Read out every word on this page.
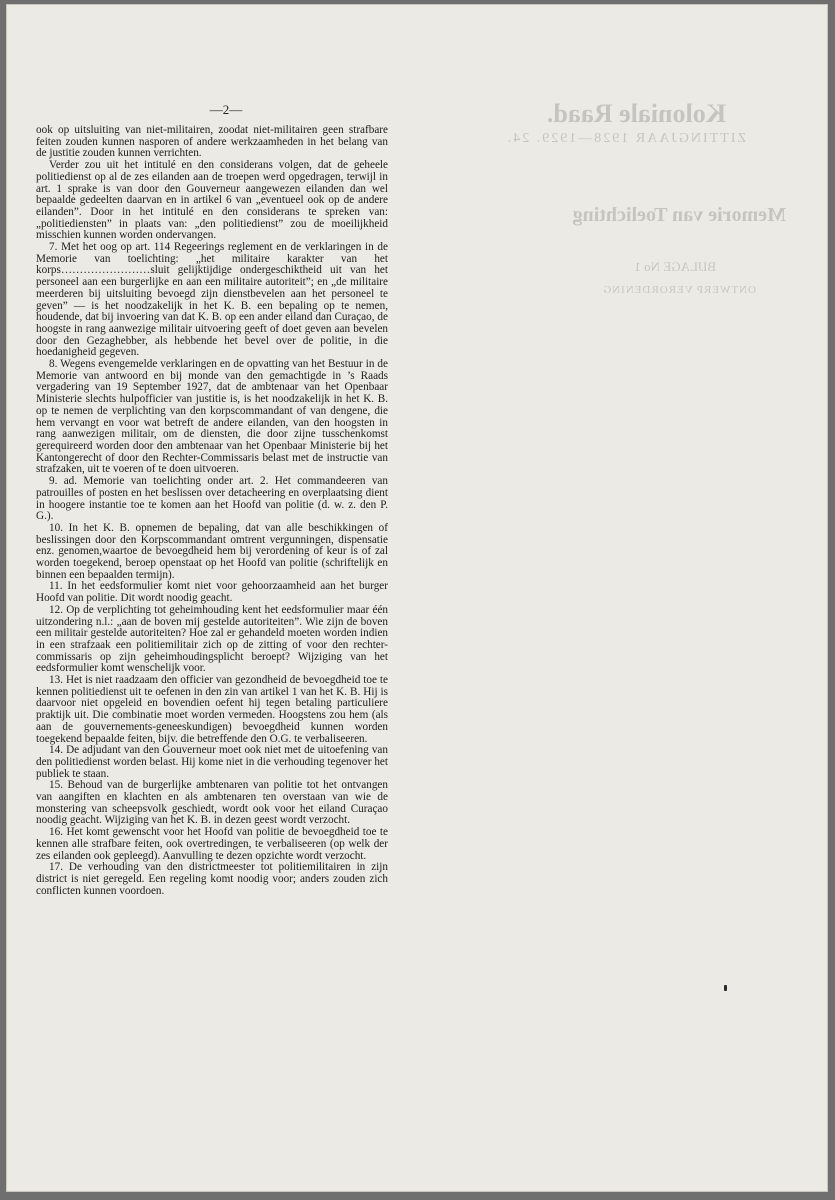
Koloniale Raad.
ZITTINGJAAR 1928—1929. 24.
Memorie van Toelichting
BIJLAGE No 1
ONTWERP VERORDENING
—2—

ook op uitsluiting van niet-militairen, zoodat niet-militairen geen strafbare feiten zouden kunnen nasporen of andere werkzaamheden in het belang van de justitie zouden kunnen verrichten.

Verder zou uit het intitulé en den considerans volgen, dat de geheele politiedienst op al de zes eilanden aan de troepen werd opgedragen, terwijl in art. 1 sprake is van door den Gouverneur aangewezen eilanden dan wel bepaalde gedeelten daarvan en in artikel 6 van „eventueel ook op de andere eilanden”. Door in het intitulé en den considerans te spreken van: „politiediensten” in plaats van: „den politiedienst” zou de moeilijkheid misschien kunnen worden ondervangen.

7. Met het oog op art. 114 Regeerings reglement en de verklaringen in de Memorie van toelichting: „het militaire karakter van het korps……………………sluit gelijktijdige ondergeschiktheid uit van het personeel aan een burgerlijke en aan een militaire autoriteit”; en „de militaire meerderen bij uitsluiting bevoegd zijn dienstbevelen aan het personeel te geven” — is het noodzakelijk in het K. B. een bepaling op te nemen, houdende, dat bij invoering van dat K. B. op een ander eiland dan Curaçao, de hoogste in rang aanwezige militair uitvoering geeft of doet geven aan bevelen door den Gezaghebber, als hebbende het bevel over de politie, in die hoedanigheid gegeven.

8. Wegens evengemelde verklaringen en de opvatting van het Bestuur in de Memorie van antwoord en bij monde van den gemachtigde in ’s Raads vergadering van 19 September 1927, dat de ambtenaar van het Openbaar Ministerie slechts hulpofficier van justitie is, is het noodzakelijk in het K. B. op te nemen de verplichting van den korpscommandant of van dengene, die hem vervangt en voor wat betreft de andere eilanden, van den hoogsten in rang aanwezigen militair, om de diensten, die door zijne tusschenkomst gerequireerd worden door den ambtenaar van het Openbaar Ministerie bij het Kantongerecht of door den Rechter-Commissaris belast met de instructie van strafzaken, uit te voeren of te doen uitvoeren.

9. ad. Memorie van toelichting onder art. 2. Het commandeeren van patrouilles of posten en het beslissen over detacheering en overplaatsing dient in hoogere instantie toe te komen aan het Hoofd van politie (d. w. z. den P. G.).

10. In het K. B. opnemen de bepaling, dat van alle beschikkingen of beslissingen door den Korpscommandant omtrent vergunningen, dispensatie enz. genomen,waartoe de bevoegdheid hem bij verordening of keur is of zal worden toegekend, beroep openstaat op het Hoofd van politie (schriftelijk en binnen een bepaalden termijn).

11. In het eedsformulier komt niet voor gehoorzaamheid aan het burger Hoofd van politie. Dit wordt noodig geacht.

12. Op de verplichting tot geheimhouding kent het eedsformulier maar één uitzondering n.l.: „aan de boven mij gestelde autoriteiten”. Wie zijn de boven een militair gestelde autoriteiten? Hoe zal er gehandeld moeten worden indien in een strafzaak een politiemilitair zich op de zitting of voor den rechter-commissaris op zijn geheimhoudingsplicht beroept? Wijziging van het eedsformulier komt wenschelijk voor.

13. Het is niet raadzaam den officier van gezondheid de bevoegdheid toe te kennen politiedienst uit te oefenen in den zin van artikel 1 van het K. B. Hij is daarvoor niet opgeleid en bovendien oefent hij tegen betaling particuliere praktijk uit. Die combinatie moet worden vermeden. Hoogstens zou hem (als aan de gouvernements-geneeskundigen) bevoegdheid kunnen worden toegekend bepaalde feiten, bijv. die betreffende den O.G. te verbaliseeren.

14. De adjudant van den Gouverneur moet ook niet met de uitoefening van den politiedienst worden belast. Hij kome niet in die verhouding tegenover het publiek te staan.

15. Behoud van de burgerlijke ambtenaren van politie tot het ontvangen van aangiften en klachten en als ambtenaren ten overstaan van wie de monstering van scheepsvolk geschiedt, wordt ook voor het eiland Curaçao noodig geacht. Wijziging van het K. B. in dezen geest wordt verzocht.

16. Het komt gewenscht voor het Hoofd van politie de bevoegdheid toe te kennen alle strafbare feiten, ook overtredingen, te verbaliseeren (op welk der zes eilanden ook gepleegd). Aanvulling te dezen opzichte wordt verzocht.

17. De verhouding van den districtmeester tot politiemilitairen in zijn district is niet geregeld. Een regeling komt noodig voor; anders zouden zich conflicten kunnen voordoen.
